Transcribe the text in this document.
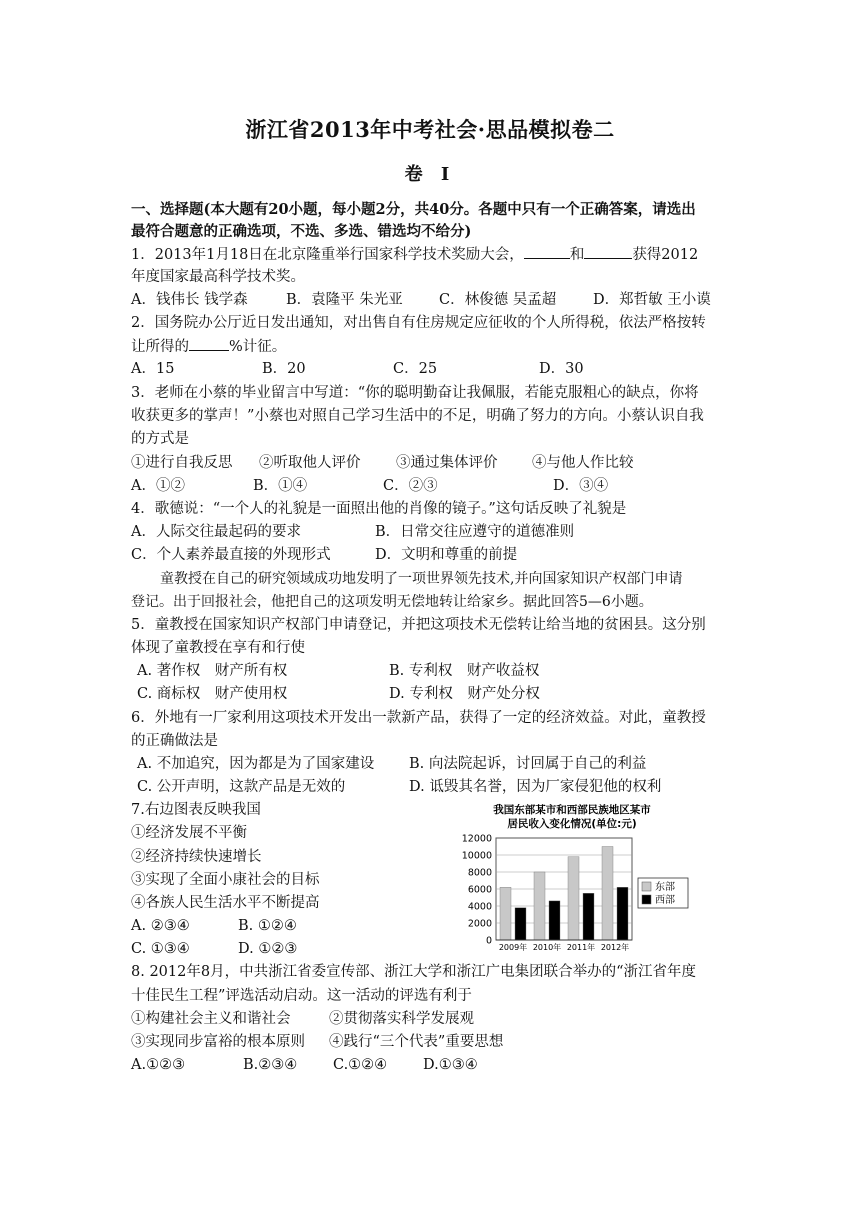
浙江省2013年中考社会·思品模拟卷二
卷 Ⅰ
一、选择题(本大题有20小题，每小题2分，共40分。各题中只有一个正确答案，请选出
最符合题意的正确选项，不选、多选、错选均不给分)
1．2013年1月18日在北京隆重举行国家科学技术奖励大会，	和	获得2012
年度国家最高科学技术奖。
A．钱伟长 钱学森	B．袁隆平 朱光亚 C．林俊德 吴孟超	D．郑哲敏 王小谟
2．国务院办公厅近日发出通知，对出售自有住房规定应征收的个人所得税，依法严格按转
让所得的	%计征。
A．15	B．20	C．25	D．30
3．老师在小蔡的毕业留言中写道：“你的聪明勤奋让我佩服，若能克服粗心的缺点，你将
收获更多的掌声！”小蔡也对照自己学习生活中的不足，明确了努力的方向。小蔡认识自我
的方式是
①进行自我反思 ②听取他人评价 ③通过集体评价 ④与他人作比较
A．①②	B．①④	C．②③	D．③④
4．歌德说：“一个人的礼貌是一面照出他的肖像的镜子。”这句话反映了礼貌是
A．人际交往最起码的要求	B．日常交往应遵守的道德准则
C．个人素养最直接的外现形式	D．文明和尊重的前提
童教授在自己的研究领域成功地发明了一项世界领先技术,并向国家知识产权部门申请
登记。出于回报社会，他把自己的这项发明无偿地转让给家乡。据此回答5—6小题。
5．童教授在国家知识产权部门申请登记，并把这项技术无偿转让给当地的贫困县。这分别
体现了童教授在享有和行使
A. 著作权　财产所有权	B. 专利权　财产收益权
C. 商标权　财产使用权	D. 专利权　财产处分权
6．外地有一厂家利用这项技术开发出一款新产品，获得了一定的经济效益。对此，童教授
的正确做法是
A. 不加追究，因为都是为了国家建设 B. 向法院起诉，讨回属于自己的利益
C. 公开声明，这款产品是无效的	D. 诋毁其名誉，因为厂家侵犯他的权利
7.右边图表反映我国
①经济发展不平衡
②经济持续快速增长
③实现了全面小康社会的目标
④各族人民生活水平不断提高
A. ②③④	B. ①②④
C. ①③④	D. ①②③
我国东部某市和西部民族地区某市
居民收入变化情况(单位:元)
0
2000
4000
6000
8000
10000
12000
2009年 2010年 2011年 2012年
东部
西部
8. 2012年8月，中共浙江省委宣传部、浙江大学和浙江广电集团联合举办的“浙江省年度
十佳民生工程”评选活动启动。这一活动的评选有利于
①构建社会主义和谐社会	②贯彻落实科学发展观
③实现同步富裕的根本原则 ④践行“三个代表”重要思想
A.①②③	B.②③④ C.①②④ D.①③④
